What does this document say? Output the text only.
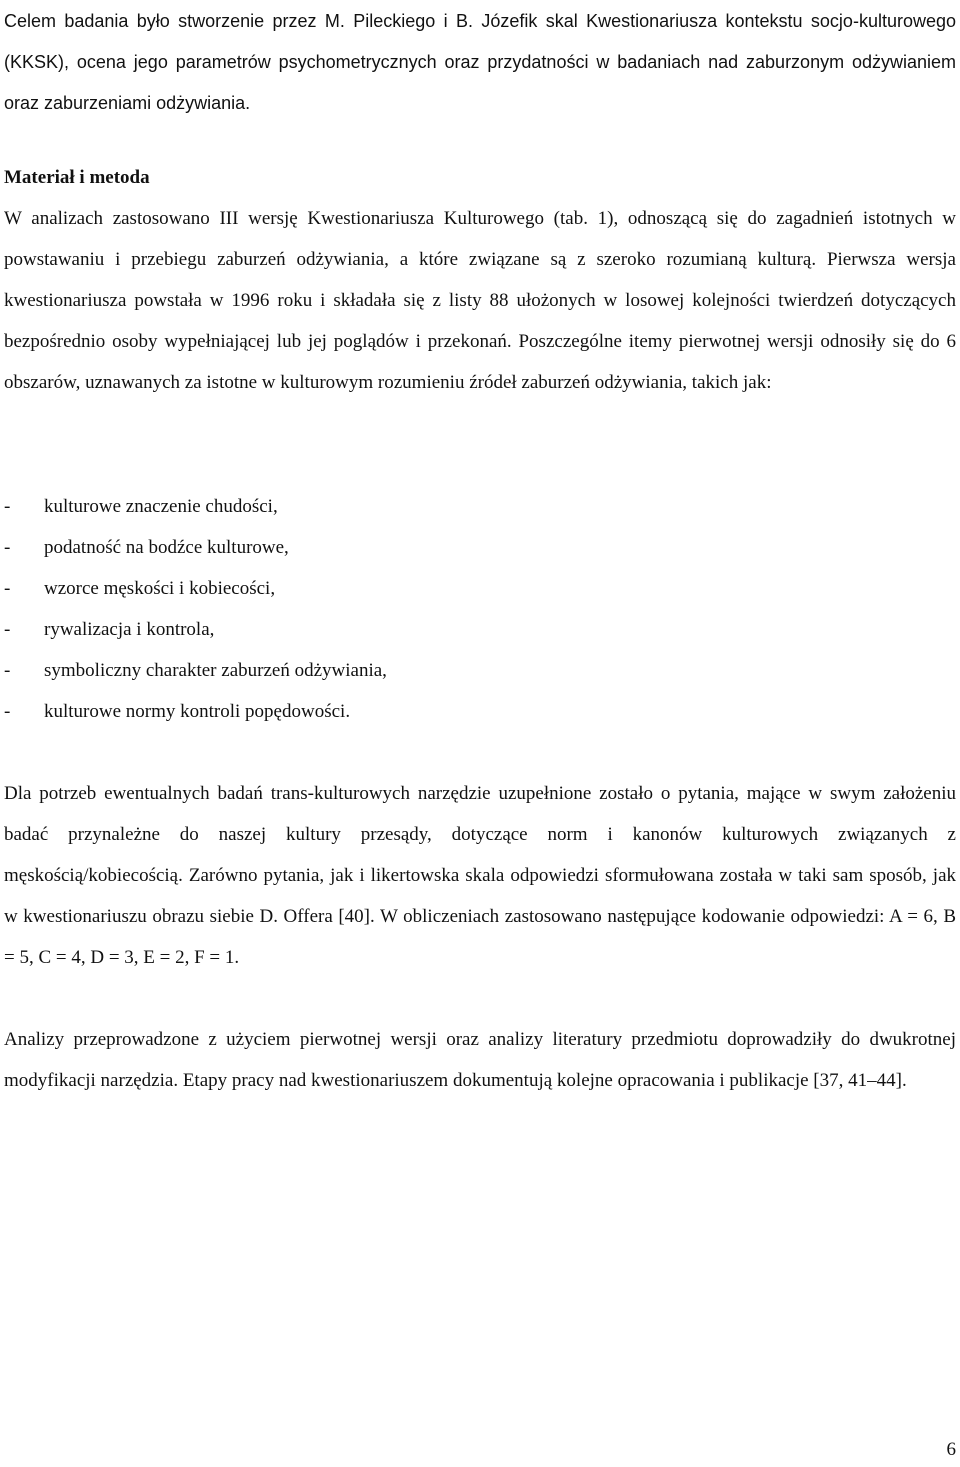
Celem badania było stworzenie przez M. Pileckiego i B. Józefik skal Kwestionariusza kontekstu socjo-kulturowego (KKSK), ocena jego parametrów psychometrycznych oraz przydatności w badaniach nad zaburzonym odżywianiem oraz zaburzeniami odżywiania.

Materiał i metoda

W analizach zastosowano III wersję Kwestionariusza Kulturowego (tab. 1), odnoszącą się do zagadnień istotnych w powstawaniu i przebiegu zaburzeń odżywiania, a które związane są z szeroko rozumianą kulturą. Pierwsza wersja kwestionariusza powstała w 1996 roku i składała się z listy 88 ułożonych w losowej kolejności twierdzeń dotyczących bezpośrednio osoby wypełniającej lub jej poglądów i przekonań. Poszczególne itemy pierwotnej wersji odnosiły się do 6 obszarów, uznawanych za istotne w kulturowym rozumieniu źródeł zaburzeń odżywiania, takich jak:

-	kulturowe znaczenie chudości,
-	podatność na bodźce kulturowe,
-	wzorce męskości i kobiecości,
-	rywalizacja i kontrola,
-	symboliczny charakter zaburzeń odżywiania,
-	kulturowe normy kontroli popędowości.

Dla potrzeb ewentualnych badań trans-kulturowych narzędzie uzupełnione zostało o pytania, mające w swym założeniu badać przynależne do naszej kultury przesądy, dotyczące norm i kanonów kulturowych związanych z męskością/kobiecością. Zarówno pytania, jak i likertowska skala odpowiedzi sformułowana została w taki sam sposób, jak w kwestionariuszu obrazu siebie D. Offera [40]. W obliczeniach zastosowano następujące kodowanie odpowiedzi: A = 6, B = 5, C = 4, D = 3, E = 2, F = 1.

Analizy przeprowadzone z użyciem pierwotnej wersji oraz analizy literatury przedmiotu doprowadziły do dwukrotnej modyfikacji narzędzia. Etapy pracy nad kwestionariuszem dokumentują kolejne opracowania i publikacje [37, 41–44].

6
